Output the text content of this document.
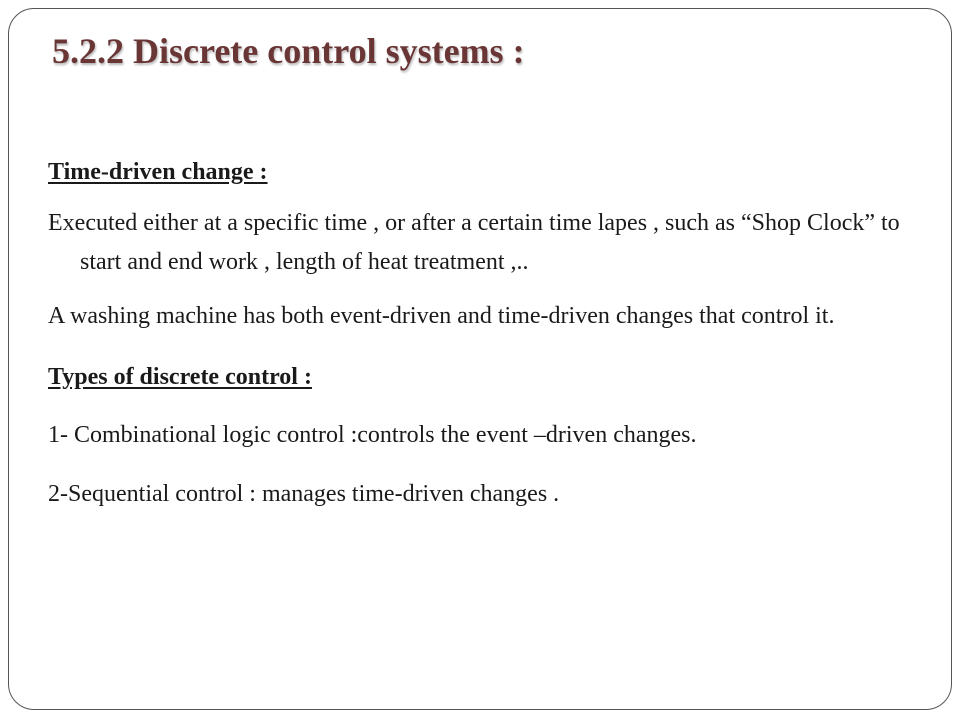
5.2.2 Discrete control systems :

Time-driven change :

Executed either at a specific time , or after a certain time lapes , such as “Shop Clock” to start and end work , length of heat treatment ,..

A washing machine has both event-driven and time-driven changes that control it.

Types of discrete control :

1- Combinational logic control :controls the event –driven changes.

2-Sequential control : manages time-driven changes .
